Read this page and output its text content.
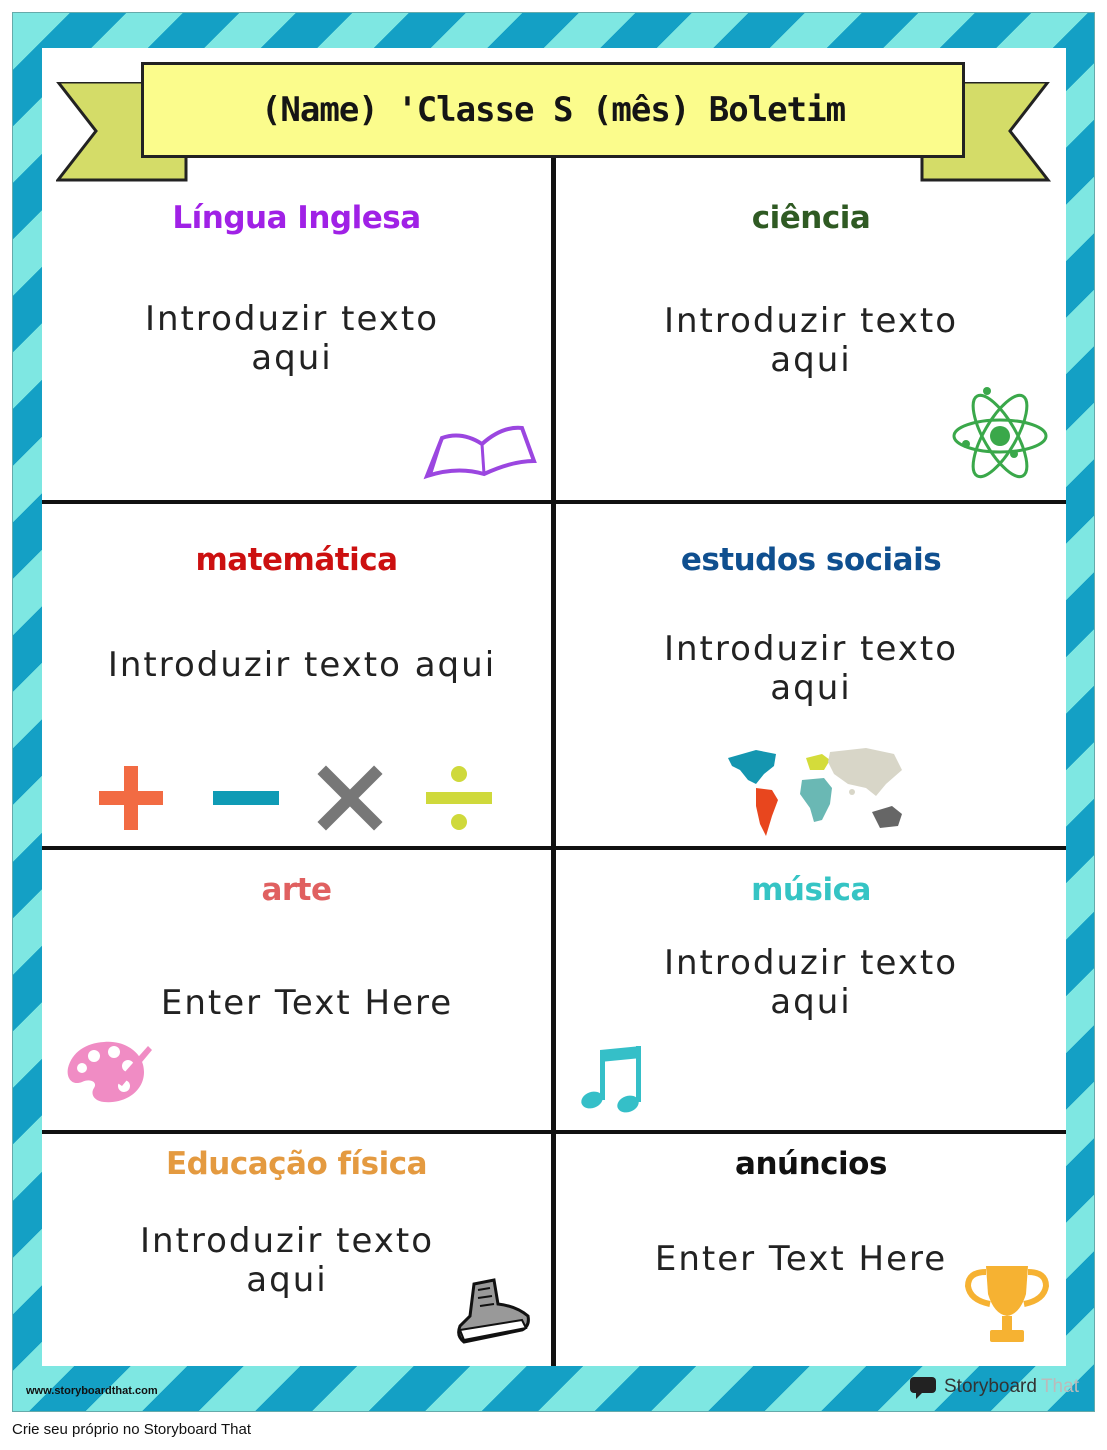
(Name) 'Classe S (mês) Boletim
Língua Inglesa
Introduzir texto aqui
ciência
Introduzir texto aqui
matemática
Introduzir texto aqui
estudos sociais
Introduzir texto aqui
arte
Enter Text Here
música
Introduzir texto aqui
Educação física
Introduzir texto aqui
anúncios
Enter Text Here
www.storyboardthat.com	Storyboard That
Crie seu próprio no Storyboard That
